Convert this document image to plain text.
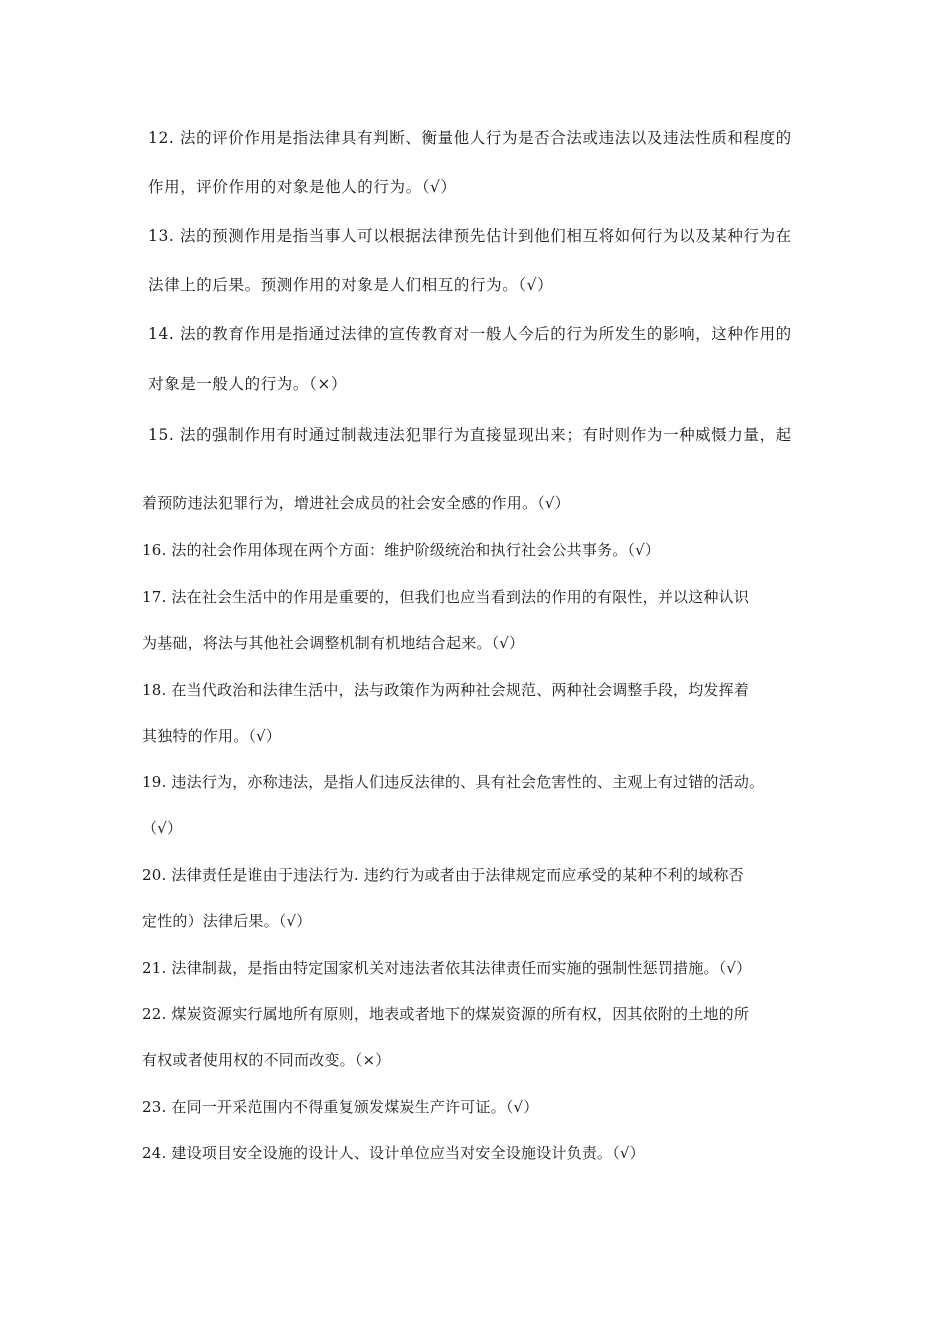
12. 法的评价作用是指法律具有判断、衡量他人行为是否合法或违法以及违法性质和程度的
作用，评价作用的对象是他人的行为。（√）
13. 法的预测作用是指当事人可以根据法律预先估计到他们相互将如何行为以及某种行为在
法律上的后果。预测作用的对象是人们相互的行为。（√）
14. 法的教育作用是指通过法律的宣传教育对一般人今后的行为所发生的影响，这种作用的
对象是一般人的行为。（×）
15. 法的强制作用有时通过制裁违法犯罪行为直接显现出来；有时则作为一种威慑力量，起
着预防违法犯罪行为，增进社会成员的社会安全感的作用。（√）
16. 法的社会作用体现在两个方面：维护阶级统治和执行社会公共事务。（√）
17. 法在社会生活中的作用是重要的，但我们也应当看到法的作用的有限性，并以这种认识
为基础，将法与其他社会调整机制有机地结合起来。（√）
18. 在当代政治和法律生活中，法与政策作为两种社会规范、两种社会调整手段，均发挥着
其独特的作用。（√）
19. 违法行为，亦称违法，是指人们违反法律的、具有社会危害性的、主观上有过错的活动。
（√）
20. 法律责任是谁由于违法行为. 违约行为或者由于法律规定而应承受的某种不利的域称否
定性的）法律后果。（√）
21. 法律制裁，是指由特定国家机关对违法者依其法律责任而实施的强制性惩罚措施。（√）
22. 煤炭资源实行属地所有原则，地表或者地下的煤炭资源的所有权，因其依附的土地的所
有权或者使用权的不同而改变。（×）
23. 在同一开采范围内不得重复颁发煤炭生产许可证。（√）
24. 建设项目安全设施的设计人、设计单位应当对安全设施设计负责。（√）
